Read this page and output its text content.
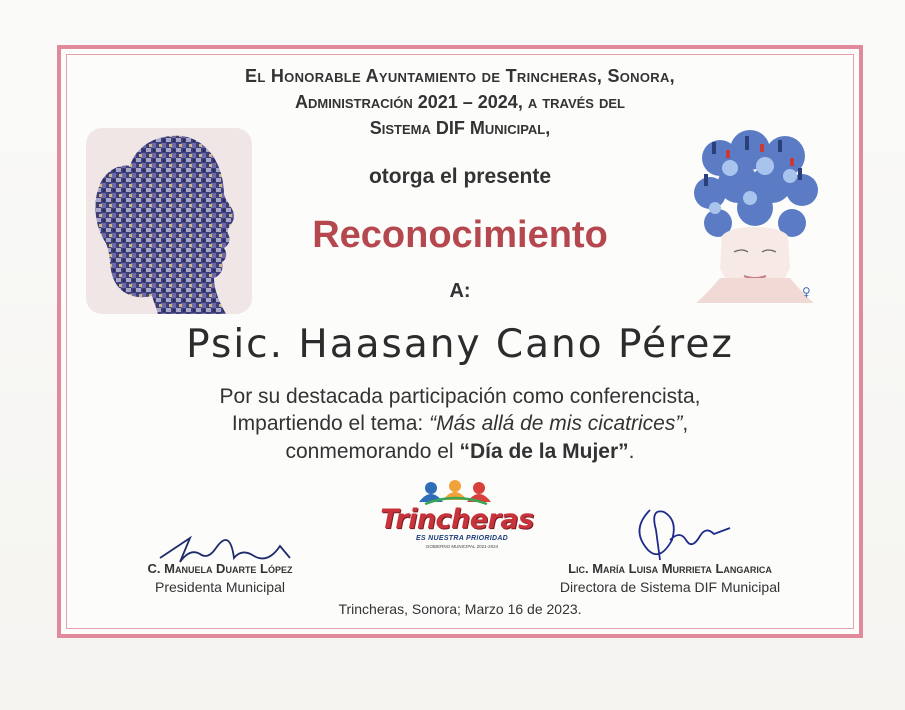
♀
El Honorable Ayuntamiento de Trincheras, Sonora,
Administración 2021 – 2024, a través del
Sistema DIF Municipal,
otorga el presente
Reconocimiento
A:
Psic. Haasany Cano Pérez
Por su destacada participación como conferencista,
Impartiendo el tema: “Más allá de mis cicatrices”,
conmemorando el “Día de la Mujer”.
Trincheras
ES NUESTRA PRIORIDAD
GOBIERNO MUNICIPAL 2021-2024
C. Manuela Duarte López
Presidenta Municipal
Lic. María Luisa Murrieta Langarica
Directora de Sistema DIF Municipal
Trincheras, Sonora; Marzo 16 de 2023.
